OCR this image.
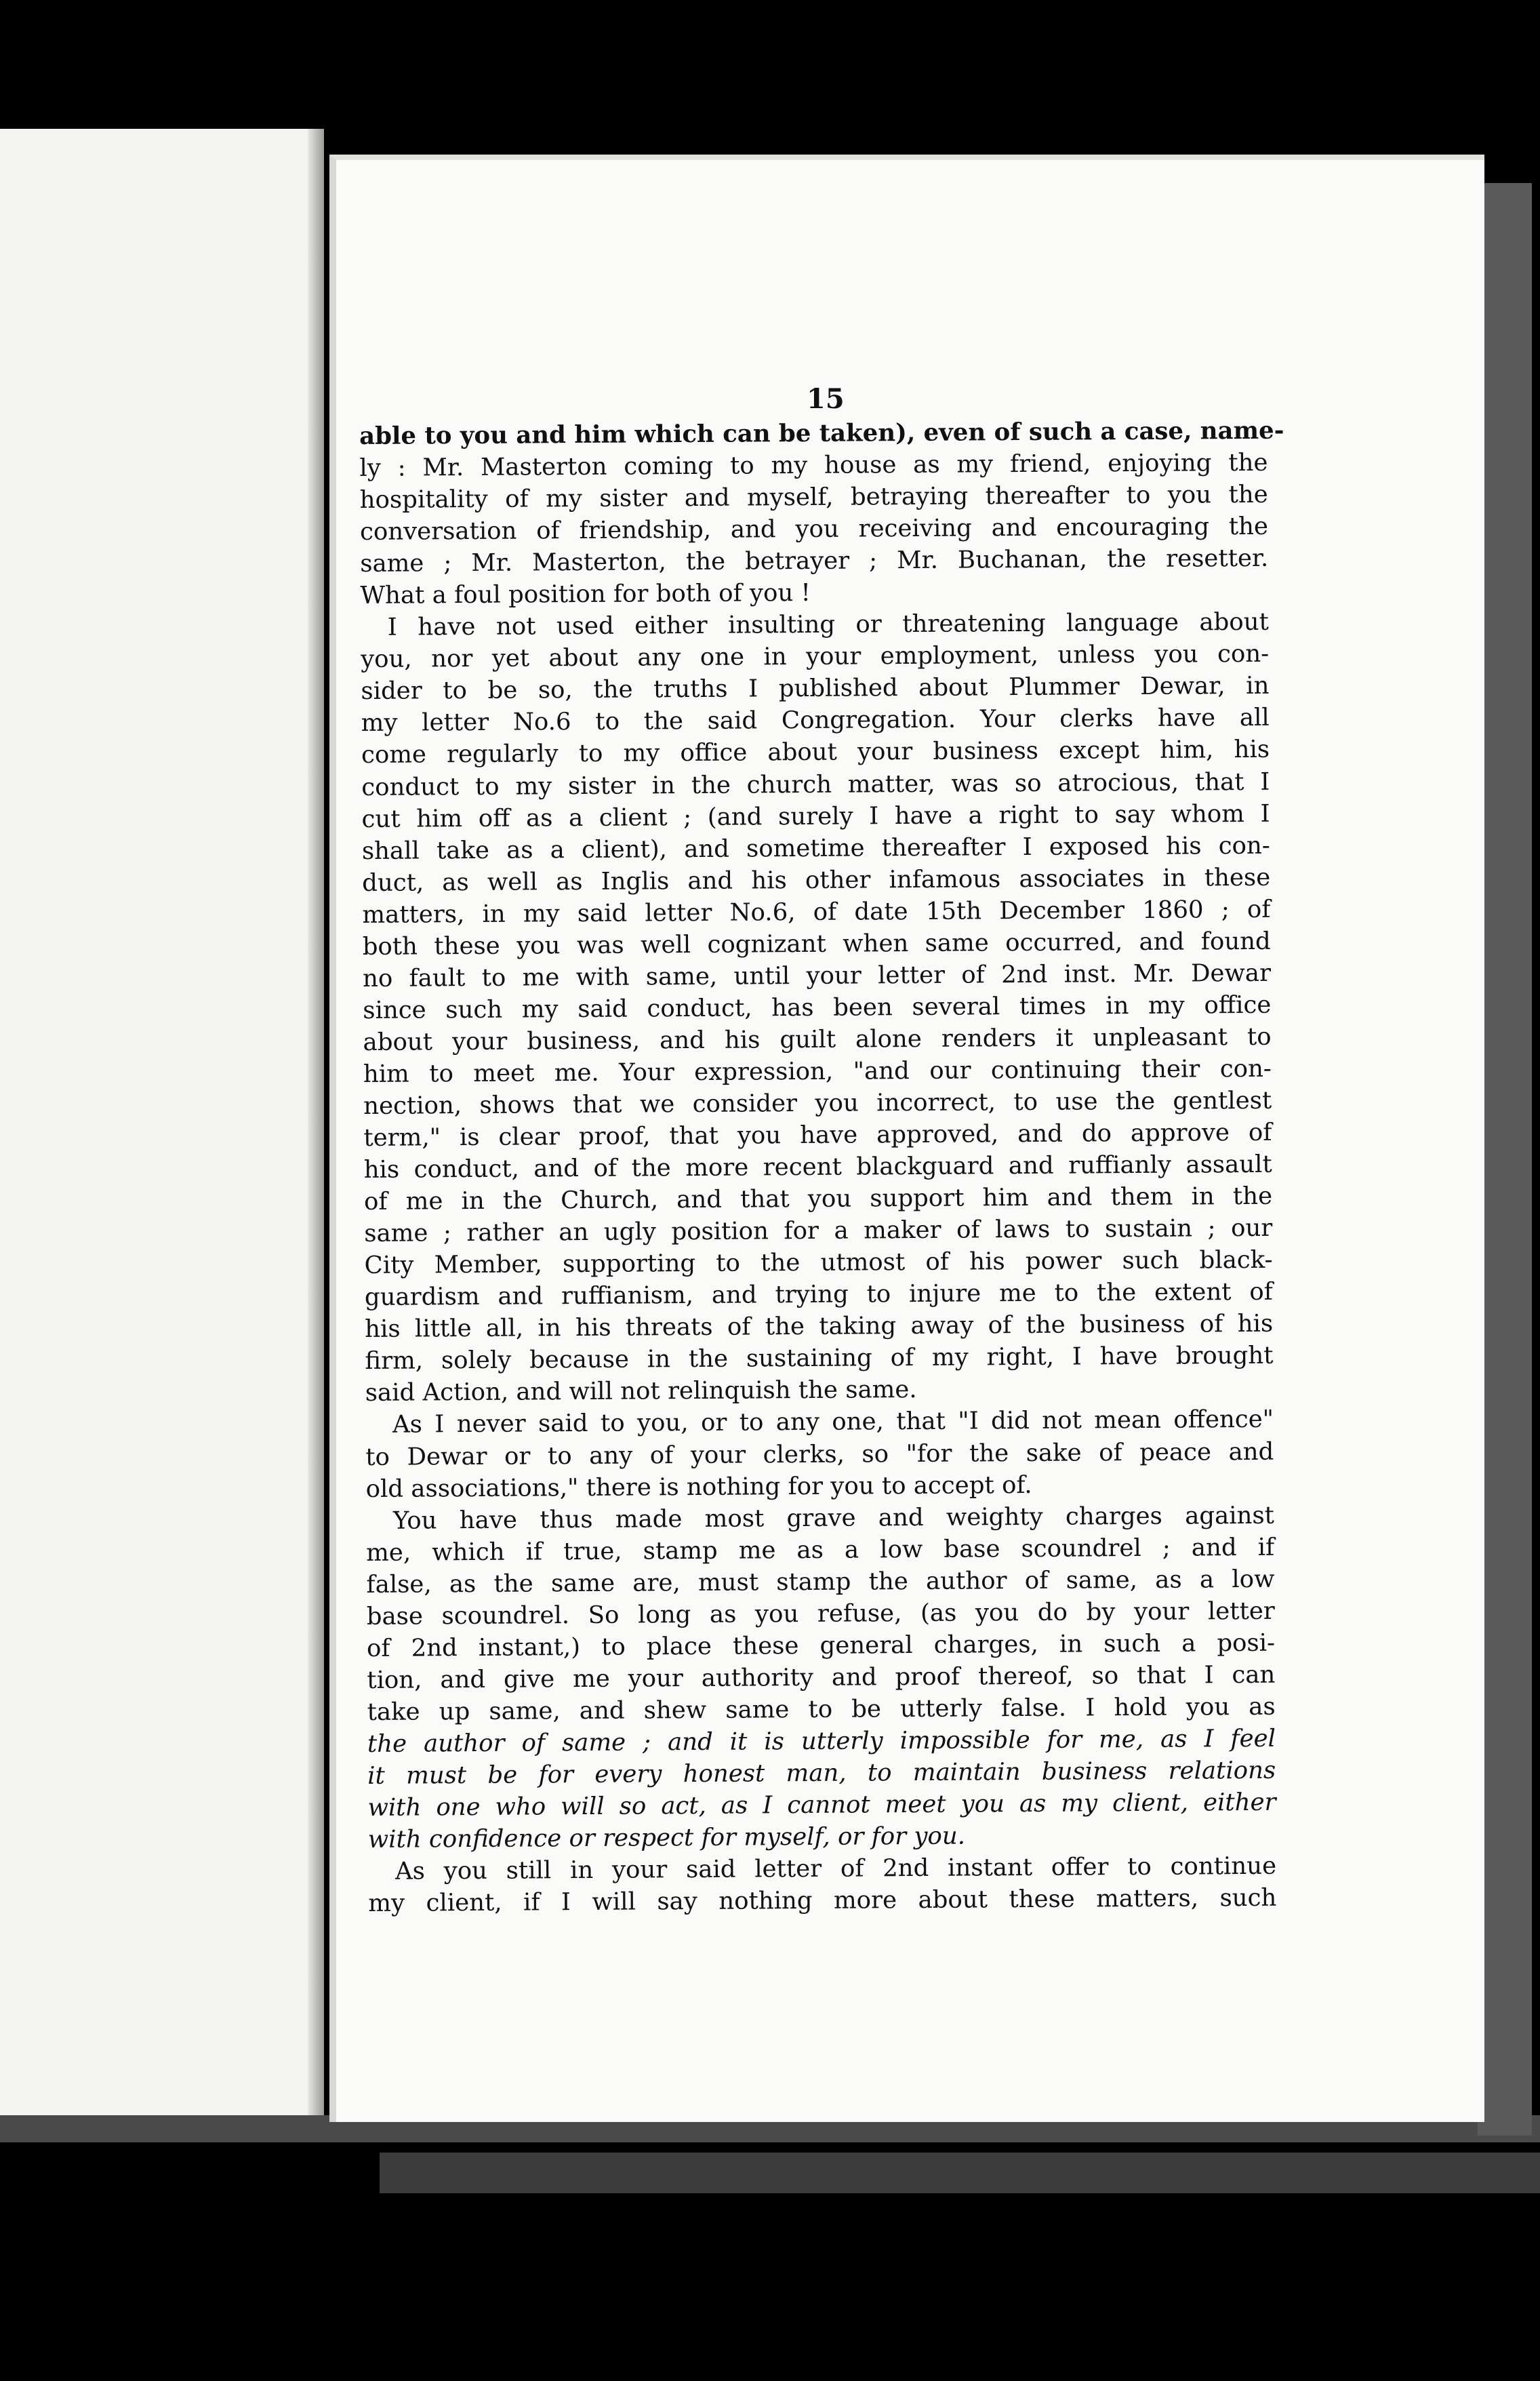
15
able to you and him which can be taken), even of such a case, name-
ly : Mr. Masterton coming to my house as my friend, enjoying the
hospitality of my sister and myself, betraying thereafter to you the
conversation of friendship, and you receiving and encouraging the
same ; Mr. Masterton, the betrayer ; Mr. Buchanan, the resetter.
What a foul position for both of you !
I have not used either insulting or threatening language about
you, nor yet about any one in your employment, unless you con-
sider to be so, the truths I published about Plummer Dewar, in
my letter No.6 to the said Congregation. Your clerks have all
come regularly to my office about your business except him, his
conduct to my sister in the church matter, was so atrocious, that I
cut him off as a client ; (and surely I have a right to say whom I
shall take as a client), and sometime thereafter I exposed his con-
duct, as well as Inglis and his other infamous associates in these
matters, in my said letter No.6, of date 15th December 1860 ; of
both these you was well cognizant when same occurred, and found
no fault to me with same, until your letter of 2nd inst. Mr. Dewar
since such my said conduct, has been several times in my office
about your business, and his guilt alone renders it unpleasant to
him to meet me. Your expression, "and our continuing their con-
nection, shows that we consider you incorrect, to use the gentlest
term," is clear proof, that you have approved, and do approve of
his conduct, and of the more recent blackguard and ruffianly assault
of me in the Church, and that you support him and them in the
same ; rather an ugly position for a maker of laws to sustain ; our
City Member, supporting to the utmost of his power such black-
guardism and ruffianism, and trying to injure me to the extent of
his little all, in his threats of the taking away of the business of his
firm, solely because in the sustaining of my right, I have brought
said Action, and will not relinquish the same.
As I never said to you, or to any one, that "I did not mean offence"
to Dewar or to any of your clerks, so "for the sake of peace and
old associations," there is nothing for you to accept of.
You have thus made most grave and weighty charges against
me, which if true, stamp me as a low base scoundrel ; and if
false, as the same are, must stamp the author of same, as a low
base scoundrel. So long as you refuse, (as you do by your letter
of 2nd instant,) to place these general charges, in such a posi-
tion, and give me your authority and proof thereof, so that I can
take up same, and shew same to be utterly false. I hold you as
the author of same ; and it is utterly impossible for me, as I feel
it must be for every honest man, to maintain business relations
with one who will so act, as I cannot meet you as my client, either
with confidence or respect for myself, or for you.
As you still in your said letter of 2nd instant offer to continue
my client, if I will say nothing more about these matters, such
